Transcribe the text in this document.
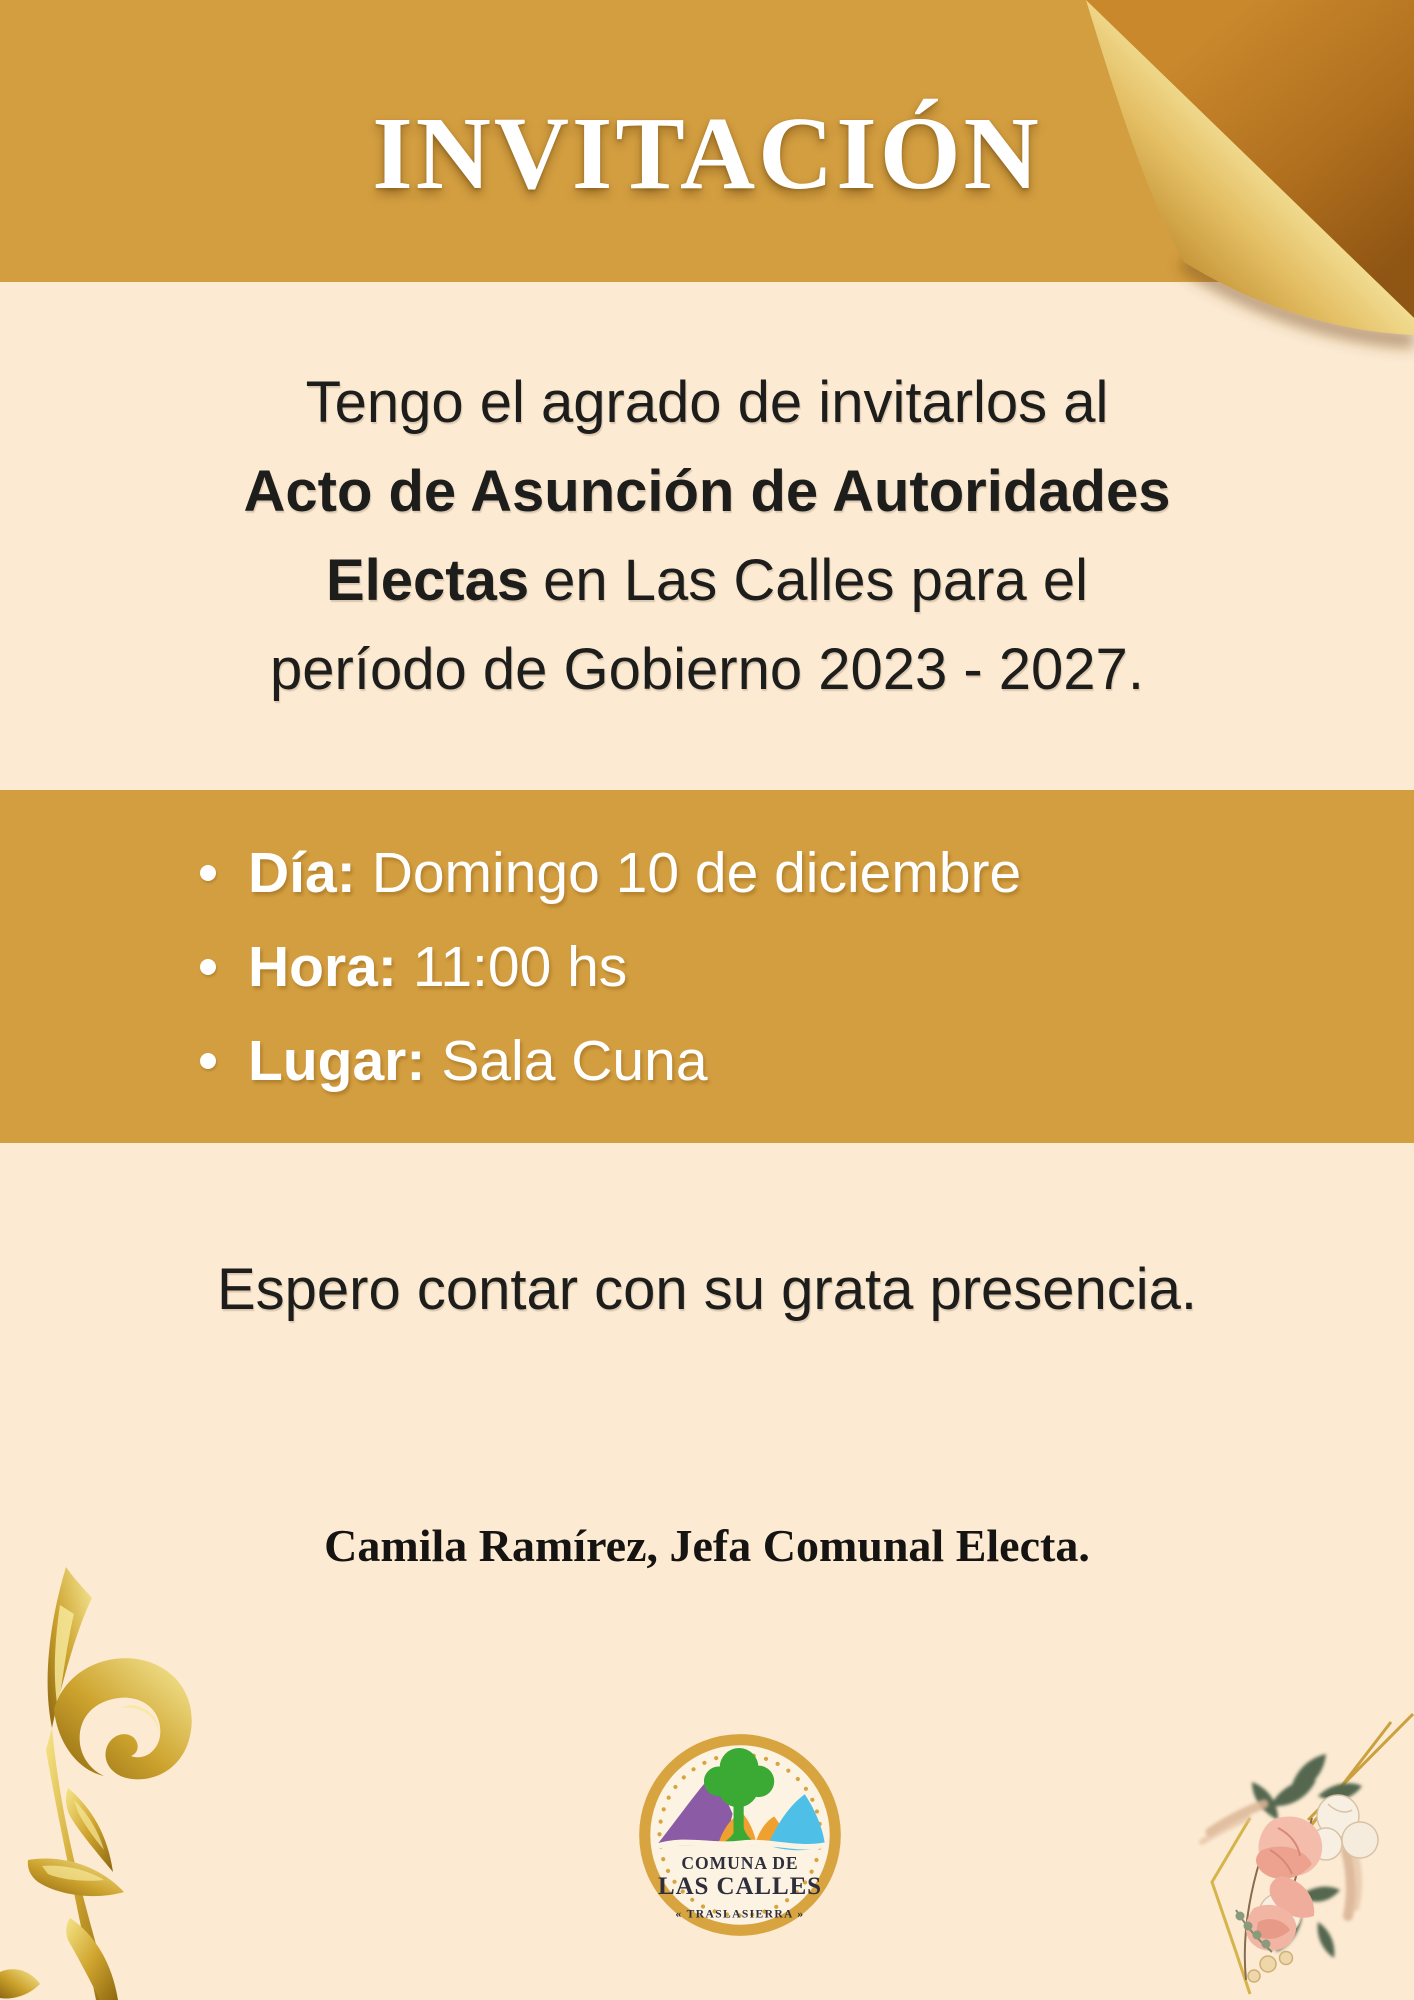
INVITACIÓN
Tengo el agrado de invitarlos al
Acto de Asunción de Autoridades
Electas en Las Calles para el
período de Gobierno 2023 - 2027.
Día: Domingo 10 de diciembre
Hora: 11:00 hs
Lugar: Sala Cuna
Espero contar con su grata presencia.
Camila Ramírez, Jefa Comunal Electa.
COMUNA DE
LAS CALLES
« TRASLASIERRA »
